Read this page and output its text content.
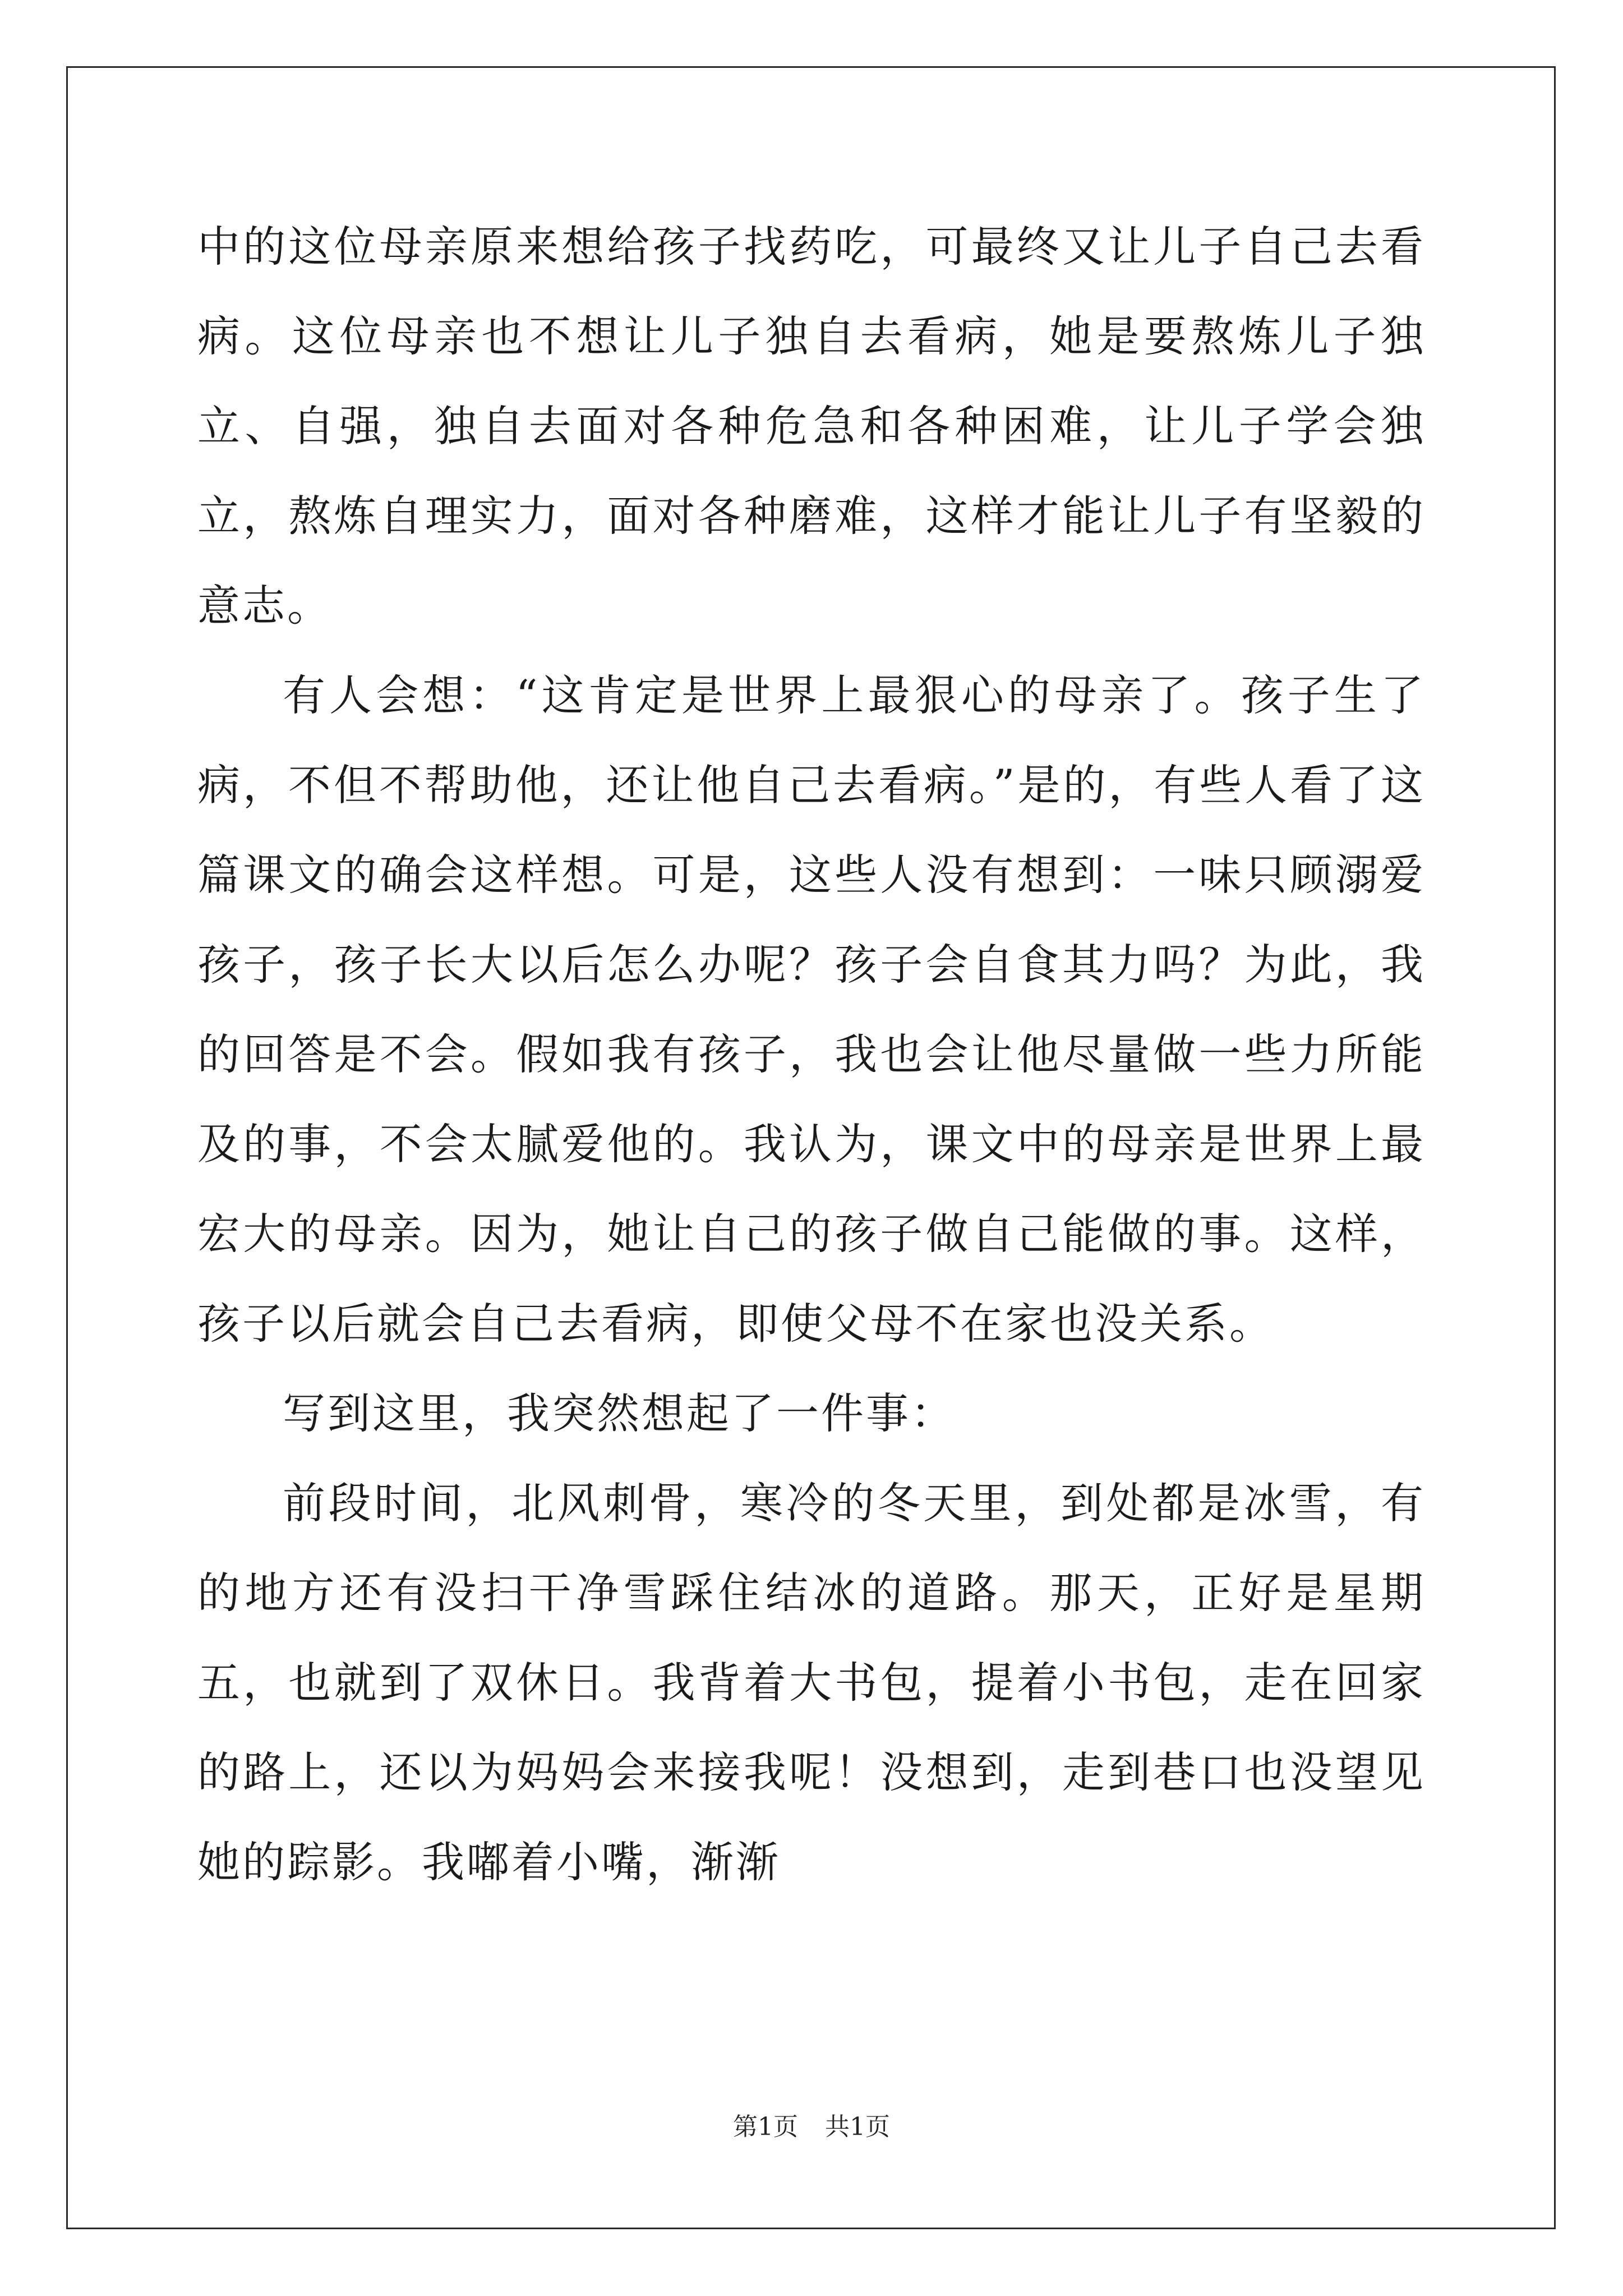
中的这位母亲原来想给孩子找药吃，可最终又让儿子自己去看病。这位母亲也不想让儿子独自去看病，她是要熬炼儿子独立、自强，独自去面对各种危急和各种困难，让儿子学会独立，熬炼自理实力，面对各种磨难，这样才能让儿子有坚毅的意志。

有人会想：“这肯定是世界上最狠心的母亲了。孩子生了病，不但不帮助他，还让他自己去看病。”是的，有些人看了这篇课文的确会这样想。可是，这些人没有想到：一味只顾溺爱孩子，孩子长大以后怎么办呢？孩子会自食其力吗？为此，我的回答是不会。假如我有孩子，我也会让他尽量做一些力所能及的事，不会太腻爱他的。我认为，课文中的母亲是世界上最宏大的母亲。因为，她让自己的孩子做自己能做的事。这样，孩子以后就会自己去看病，即使父母不在家也没关系。

写到这里，我突然想起了一件事：

前段时间，北风刺骨，寒冷的冬天里，到处都是冰雪，有的地方还有没扫干净雪踩住结冰的道路。那天，正好是星期五，也就到了双休日。我背着大书包，提着小书包，走在回家的路上，还以为妈妈会来接我呢！没想到，走到巷口也没望见她的踪影。我嘟着小嘴，渐渐

第1页 共1页
